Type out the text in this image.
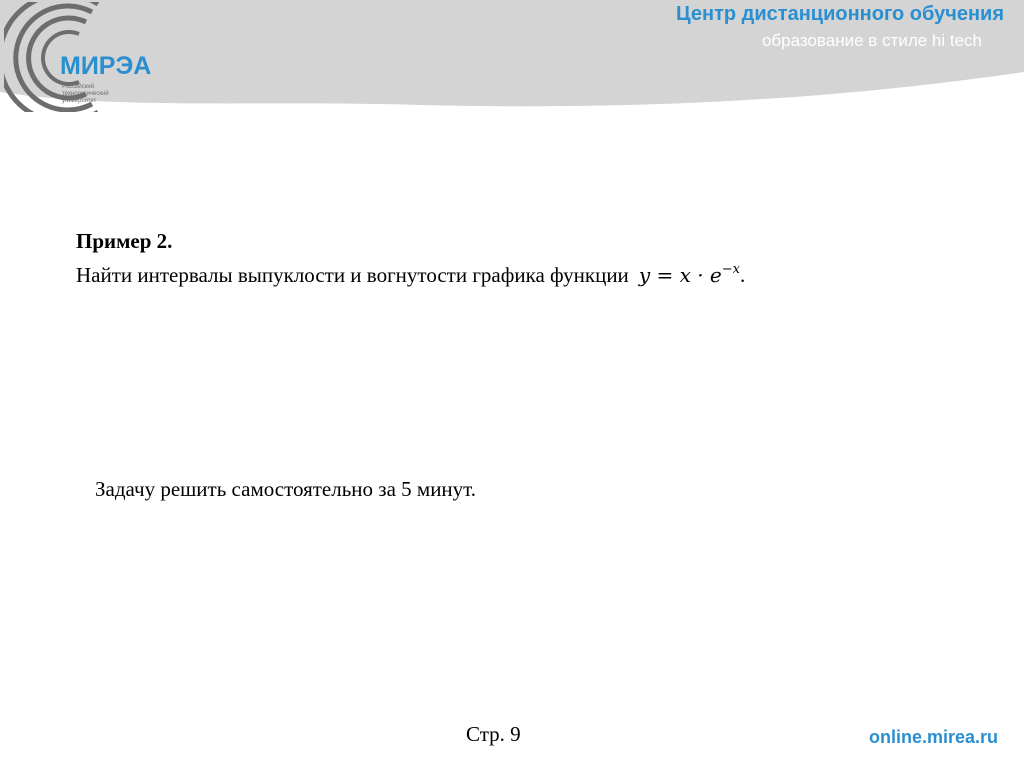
МИРЭА
Российский
технологический
университет
Центр дистанционного обучения
образование в стиле hi tech
Пример 2.
Найти интервалы выпуклости и вогнутости графика функции $y = x \cdot e^{-x}$.
Задачу решить самостоятельно за 5 минут.
Стр. 9	online.mirea.ru
